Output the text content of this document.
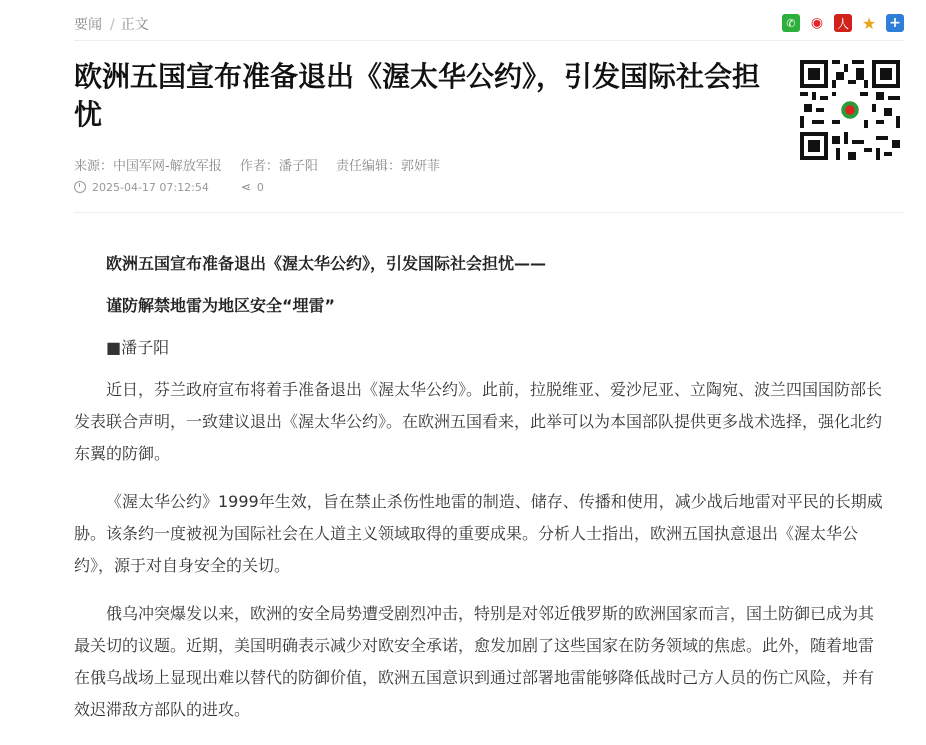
要闻 / 正文	✆	◉ 人 ★ +
欧洲五国宣布准备退出《渥太华公约》，引发国际社会担忧
来源：中国军网-解放军报 作者：潘子阳 责任编辑：郭妍菲
2025-04-17 07:12:54	⋖ 0

欧洲五国宣布准备退出《渥太华公约》，引发国际社会担忧——

谨防解禁地雷为地区安全“埋雷”

■潘子阳

近日，芬兰政府宣布将着手准备退出《渥太华公约》。此前，拉脱维亚、爱沙尼亚、立陶宛、波兰四国国防部长发表联合声明，一致建议退出《渥太华公约》。在欧洲五国看来，此举可以为本国部队提供更多战术选择，强化北约东翼的防御。

《渥太华公约》1999年生效，旨在禁止杀伤性地雷的制造、储存、传播和使用，减少战后地雷对平民的长期威胁。该条约一度被视为国际社会在人道主义领域取得的重要成果。分析人士指出，欧洲五国执意退出《渥太华公约》，源于对自身安全的关切。

俄乌冲突爆发以来，欧洲的安全局势遭受剧烈冲击，特别是对邻近俄罗斯的欧洲国家而言，国土防御已成为其最关切的议题。近期，美国明确表示减少对欧安全承诺，愈发加剧了这些国家在防务领域的焦虑。此外，随着地雷在俄乌战场上显现出难以替代的防御价值，欧洲五国意识到通过部署地雷能够降低战时己方人员的伤亡风险，并有效迟滞敌方部队的进攻。
